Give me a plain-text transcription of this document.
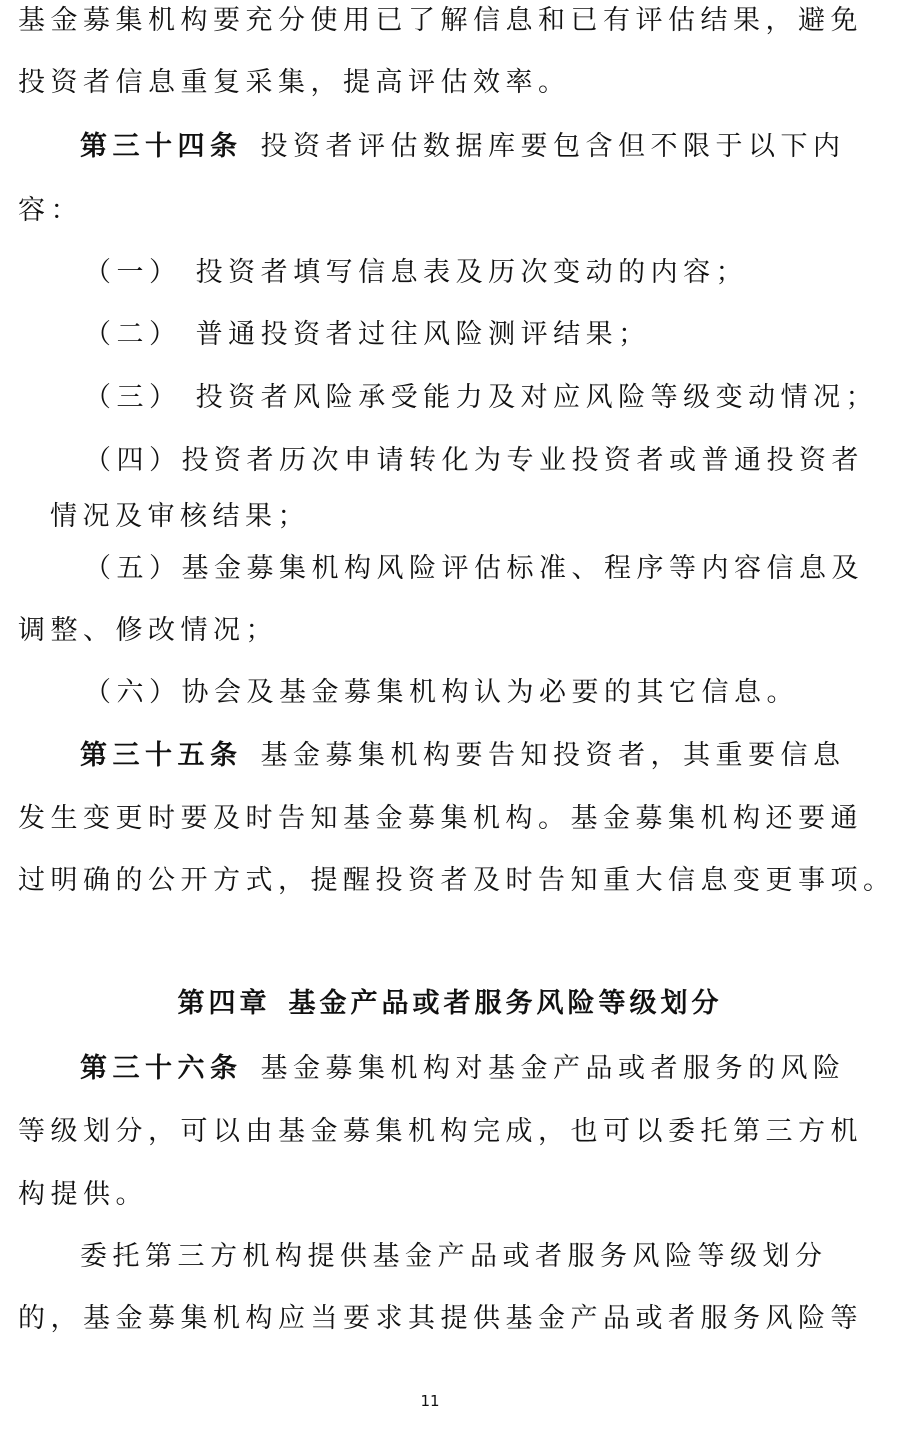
基金募集机构要充分使用已了解信息和已有评估结果，避免
投资者信息重复采集，提高评估效率。
第三十四条 投资者评估数据库要包含但不限于以下内
容：
（一） 投资者填写信息表及历次变动的内容；
（二） 普通投资者过往风险测评结果；
（三） 投资者风险承受能力及对应风险等级变动情况；
（四）投资者历次申请转化为专业投资者或普通投资者
情况及审核结果；
（五）基金募集机构风险评估标准、程序等内容信息及
调整、修改情况；
（六）协会及基金募集机构认为必要的其它信息。
第三十五条 基金募集机构要告知投资者，其重要信息
发生变更时要及时告知基金募集机构。基金募集机构还要通
过明确的公开方式，提醒投资者及时告知重大信息变更事项。
第四章 基金产品或者服务风险等级划分
第三十六条 基金募集机构对基金产品或者服务的风险
等级划分，可以由基金募集机构完成，也可以委托第三方机
构提供。
委托第三方机构提供基金产品或者服务风险等级划分
的，基金募集机构应当要求其提供基金产品或者服务风险等
11
